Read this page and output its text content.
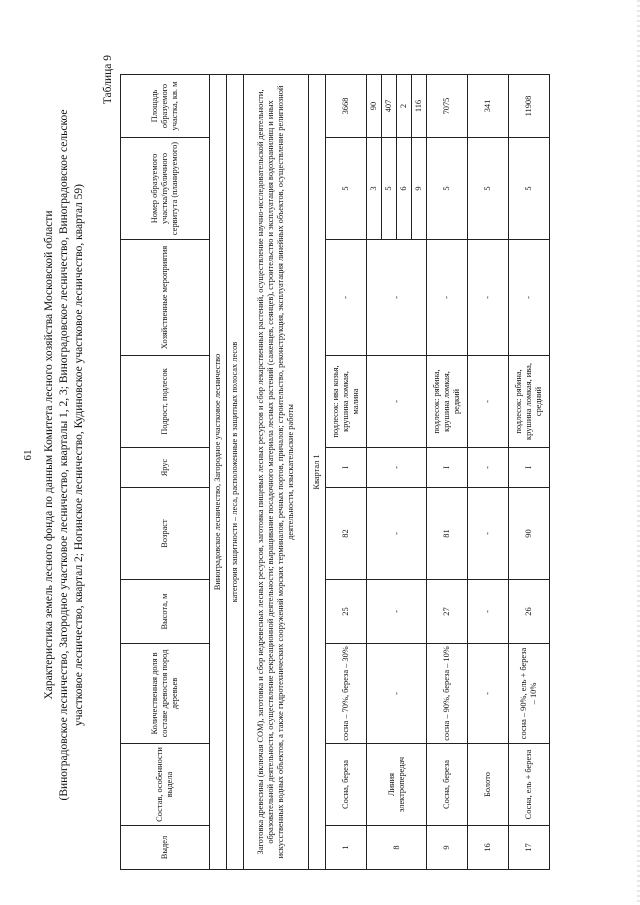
61 Характеристика земель лесного фонда по данным Комитета лесного хозяйства Московской области (Виноградовское лесничество, Загородное участковое лесничество, кварталы 1, 2, 3; Виноградовское лесничество, Виноградовское сельское участковое лесничество, квартал 2; Ногинское лесничество, Кудиновское участковое лесничество, квартал 59)
Таблица 9
Выдел	Состав, особенности выдела	Количественная доля в составе древостоя пород деревьев	Высота, м	Возраст	Ярус	Подрост, подлесок	Хозяйственные мероприятия	Номер образуемого участка/публичного сервитута (планируемого)	Площадь образуемого участка, кв. м
Виноградовское лесничество, Загородное участковое лесничество									
категория защитности – леса, расположенные в защитных полосах лесов									
Заготовка древесины (включая СОМ), заготовка и сбор недревесных лесных ресурсов, заготовка пищевых лесных ресурсов и сбор лекарственных растений, осуществление научно-исследовательской деятельности, образовательной деятельности, осуществление рекреационной деятельности; выращивание посадочного материала лесных растений (саженцев, сеянцев), строительство и эксплуатация водохранилищ и иных искусственных водных объектов, а также гидротехнических сооружений морских терминалов, речных портов, причалов; строительство, реконструкция, эксплуатация линейных объектов, осуществление религиозной деятельности, изыскательские работы									
Квартал 1									
1	Сосна, береза	сосна – 70%, береза – 30%	25	82	I	подлесок: ива козья, крушина ломкая, малина	-	5	3668
8	Линия электропередач	-	-	-	-	-	-	3	90
								5	407
								6	2
								9	116
9	Сосна, береза	сосна – 90%, береза – 10%	27	81	I	подлесок: рябина, крушина ломкая, редкий	-	5	7075
16	Болото	-	-	-	-	-	-	5	341
17	Сосна, ель + береза	сосна – 90%, ель + береза – 10%	26	90	I	подлесок: рябина, крушина ломкая, ива, средний	-	5	11908
